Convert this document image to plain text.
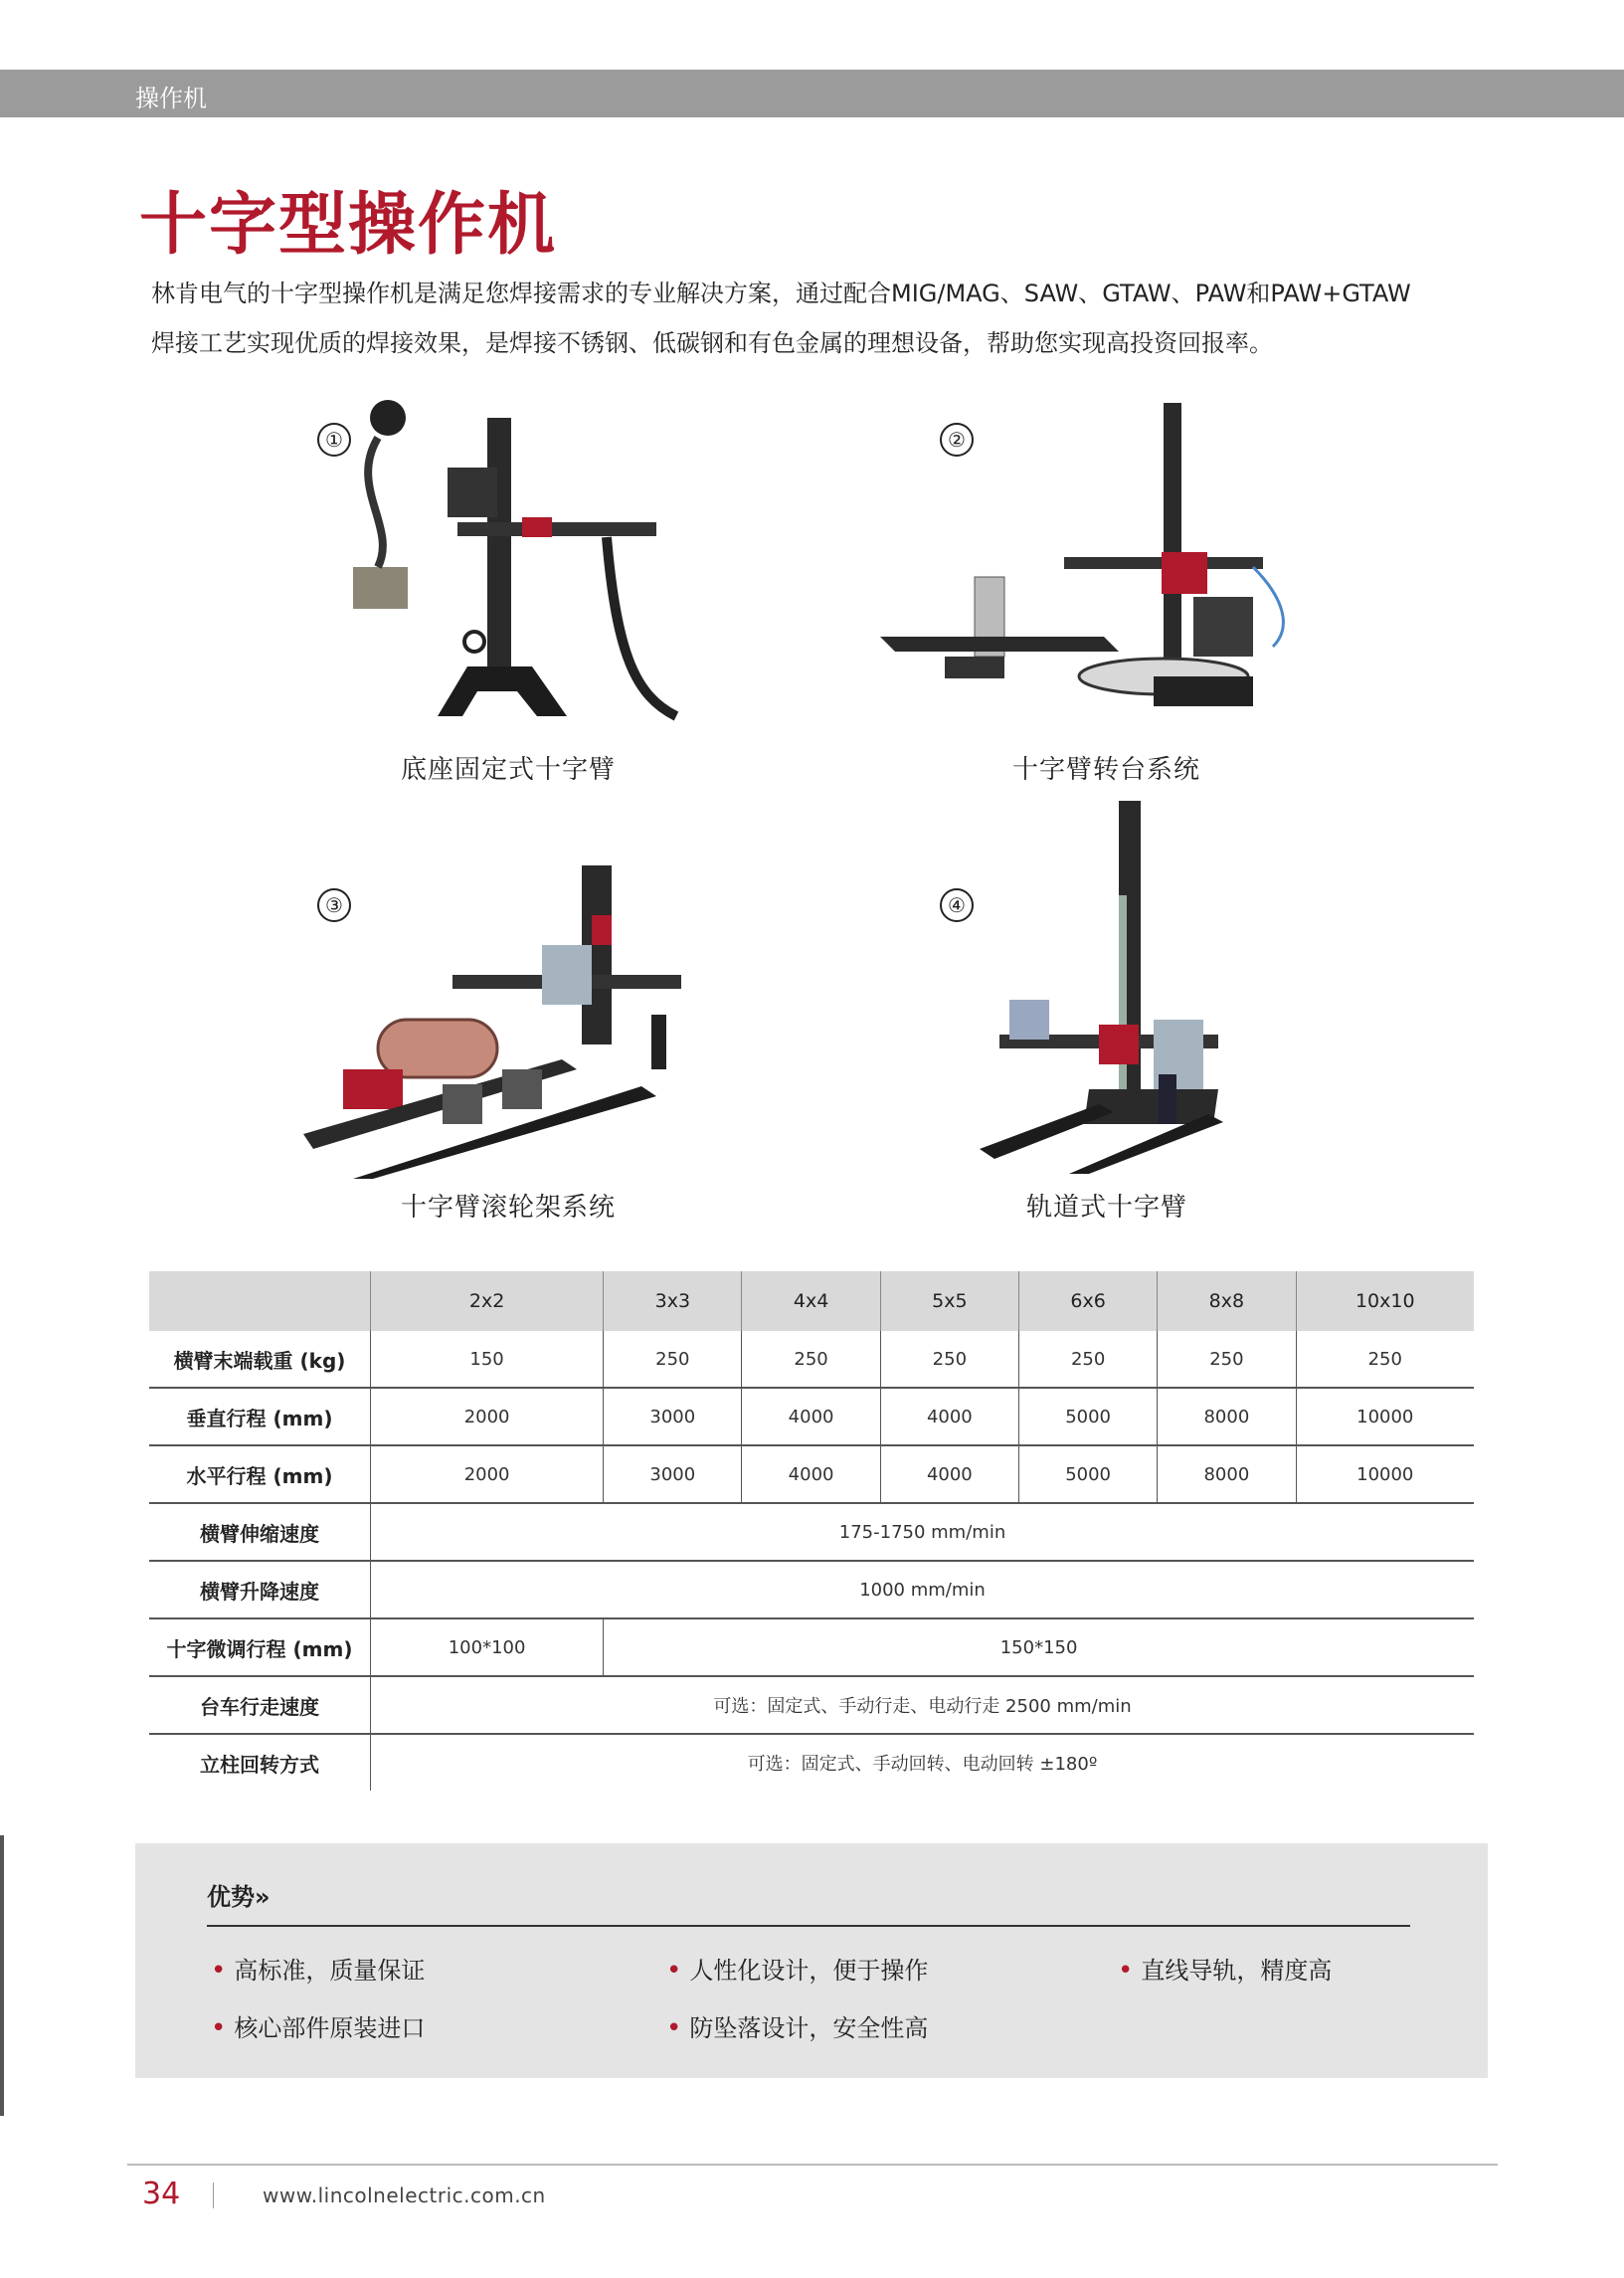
操作机
十字型操作机
林肯电气的十字型操作机是满足您焊接需求的专业解决方案，通过配合MIG/MAG、SAW、GTAW、PAW和PAW+GTAW
焊接工艺实现优质的焊接效果，是焊接不锈钢、低碳钢和有色金属的理想设备，帮助您实现高投资回报率。
①
底座固定式十字臂
②
十字臂转台系统
③
十字臂滚轮架系统
④
轨道式十字臂
	2x2	3x3	4x4	5x5	6x6	8x8	10x10
横臂末端载重 (kg)	150	250	250	250	250	250	250
垂直行程 (mm)	2000	3000	4000	4000	5000	8000	10000
水平行程 (mm)	2000	3000	4000	4000	5000	8000	10000
横臂伸缩速度	175-1750 mm/min						
横臂升降速度	1000 mm/min						
十字微调行程 (mm)	100*100	150*150					
台车行走速度	可选：固定式、手动行走、电动行走 2500 mm/min						
立柱回转方式	可选：固定式、手动回转、电动回转 ±180º						
优势»
• 高标准，质量保证	• 人性化设计，便于操作	• 直线导轨，精度高
• 核心部件原装进口	• 防坠落设计，安全性高
34	www.lincolnelectric.com.cn
